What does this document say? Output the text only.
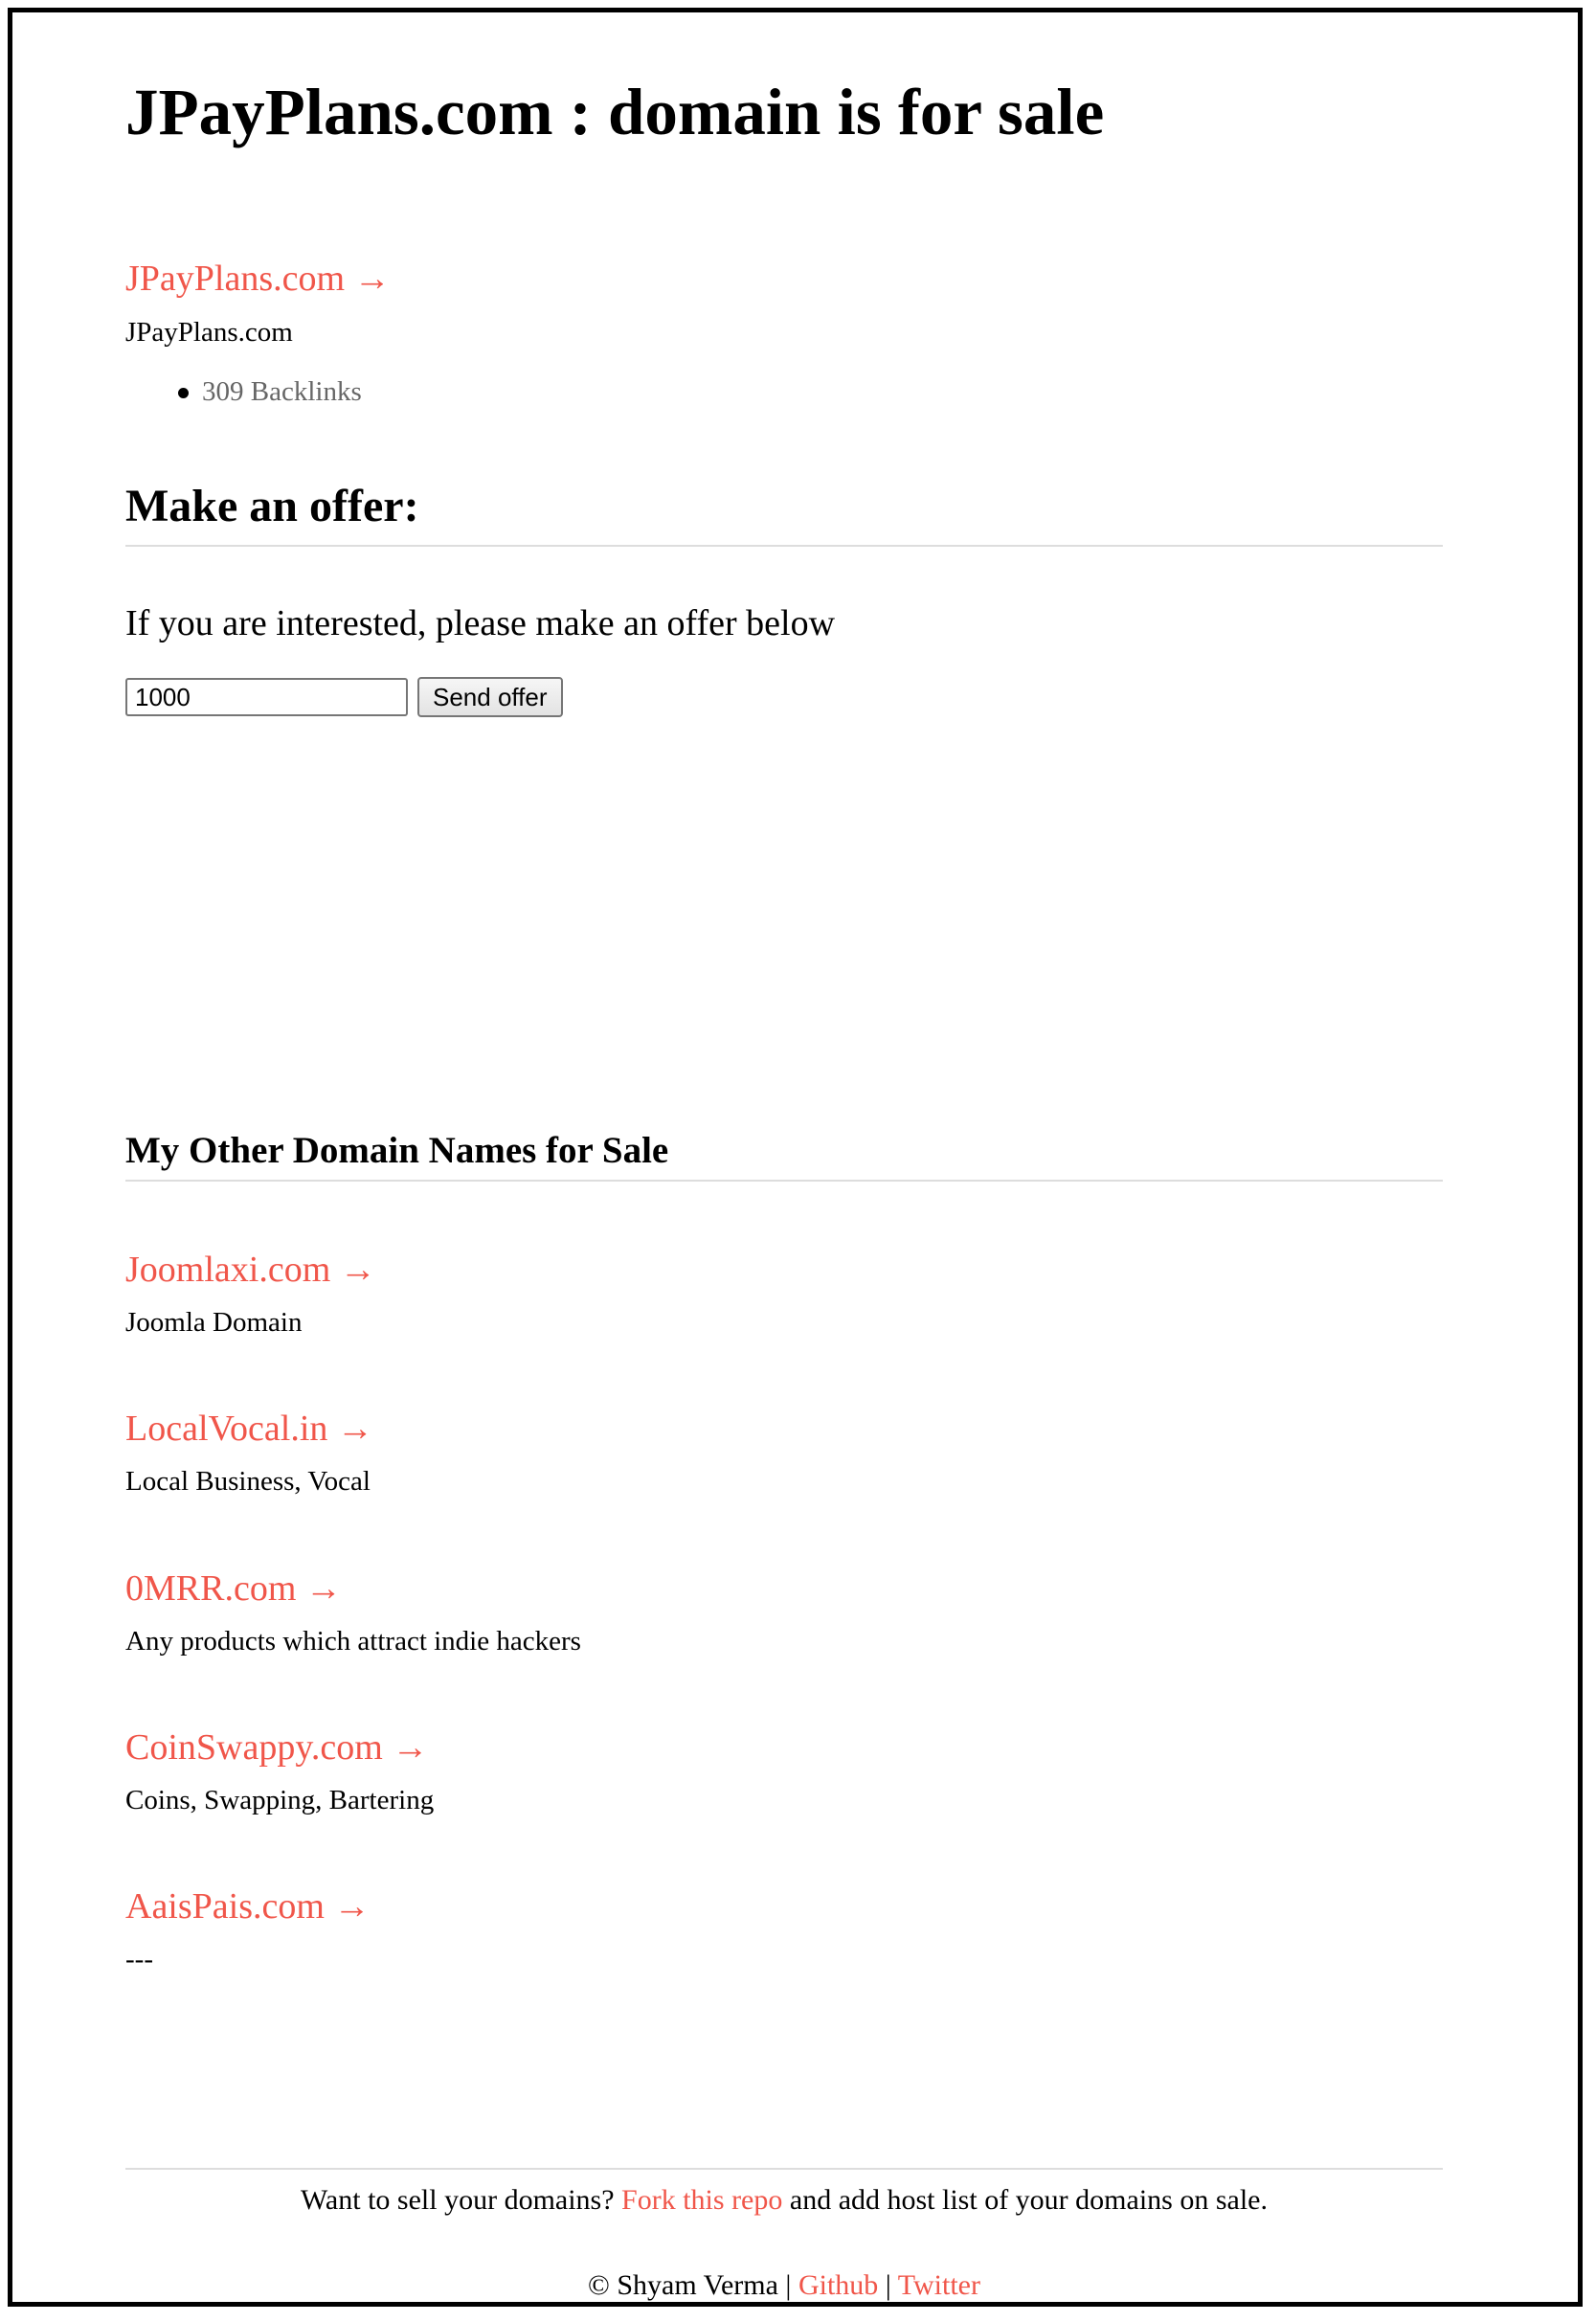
JPayPlans.com : domain is for sale
JPayPlans.com →
JPayPlans.com
309 Backlinks
Make an offer:
If you are interested, please make an offer below
1000
Send offer
My Other Domain Names for Sale
Joomlaxi.com →
Joomla Domain
LocalVocal.in →
Local Business, Vocal
0MRR.com →
Any products which attract indie hackers
CoinSwappy.com →
Coins, Swapping, Bartering
AaisPais.com →
---
Want to sell your domains? Fork this repo and add host list of your domains on sale.
© Shyam Verma | Github | Twitter
